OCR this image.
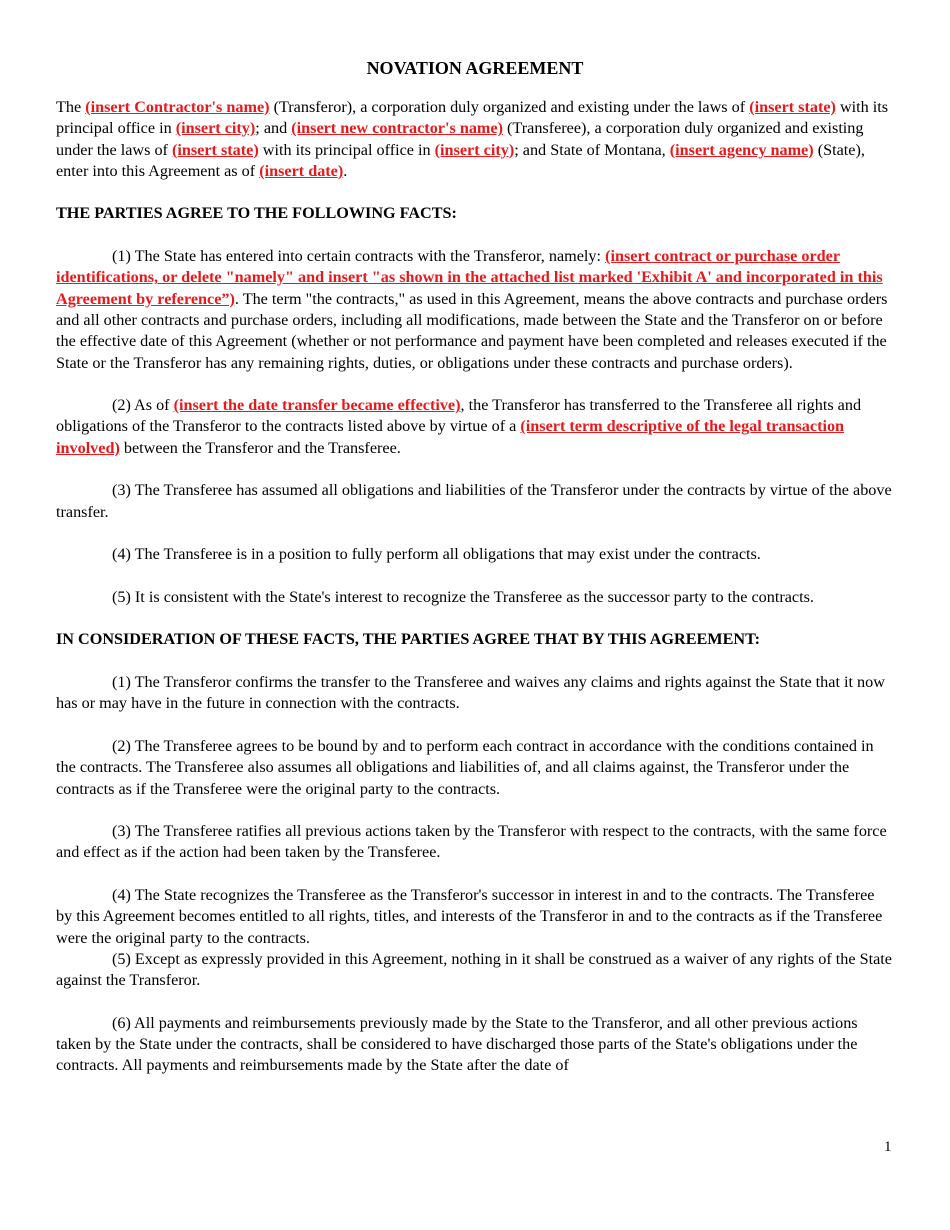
NOVATION AGREEMENT

The (insert Contractor's name) (Transferor), a corporation duly organized and existing under the laws of (insert state) with its principal office in (insert city); and (insert new contractor's name) (Transferee), a corporation duly organized and existing under the laws of (insert state) with its principal office in (insert city); and State of Montana, (insert agency name) (State), enter into this Agreement as of (insert date).

THE PARTIES AGREE TO THE FOLLOWING FACTS:

(1) The State has entered into certain contracts with the Transferor, namely: (insert contract or purchase order identifications, or delete "namely" and insert "as shown in the attached list marked 'Exhibit A' and incorporated in this Agreement by reference”). The term "the contracts," as used in this Agreement, means the above contracts and purchase orders and all other contracts and purchase orders, including all modifications, made between the State and the Transferor on or before the effective date of this Agreement (whether or not performance and payment have been completed and releases executed if the State or the Transferor has any remaining rights, duties, or obligations under these contracts and purchase orders).

(2) As of (insert the date transfer became effective), the Transferor has transferred to the Transferee all rights and obligations of the Transferor to the contracts listed above by virtue of a (insert term descriptive of the legal transaction involved) between the Transferor and the Transferee.

(3) The Transferee has assumed all obligations and liabilities of the Transferor under the contracts by virtue of the above transfer.

(4) The Transferee is in a position to fully perform all obligations that may exist under the contracts.

(5) It is consistent with the State's interest to recognize the Transferee as the successor party to the contracts.

IN CONSIDERATION OF THESE FACTS, THE PARTIES AGREE THAT BY THIS AGREEMENT:

(1) The Transferor confirms the transfer to the Transferee and waives any claims and rights against the State that it now has or may have in the future in connection with the contracts.

(2) The Transferee agrees to be bound by and to perform each contract in accordance with the conditions contained in the contracts. The Transferee also assumes all obligations and liabilities of, and all claims against, the Transferor under the contracts as if the Transferee were the original party to the contracts.

(3) The Transferee ratifies all previous actions taken by the Transferor with respect to the contracts, with the same force and effect as if the action had been taken by the Transferee.

(4) The State recognizes the Transferee as the Transferor's successor in interest in and to the contracts. The Transferee by this Agreement becomes entitled to all rights, titles, and interests of the Transferor in and to the contracts as if the Transferee were the original party to the contracts.

(5) Except as expressly provided in this Agreement, nothing in it shall be construed as a waiver of any rights of the State against the Transferor.

(6) All payments and reimbursements previously made by the State to the Transferor, and all other previous actions taken by the State under the contracts, shall be considered to have discharged those parts of the State's obligations under the contracts. All payments and reimbursements made by the State after the date of

1
